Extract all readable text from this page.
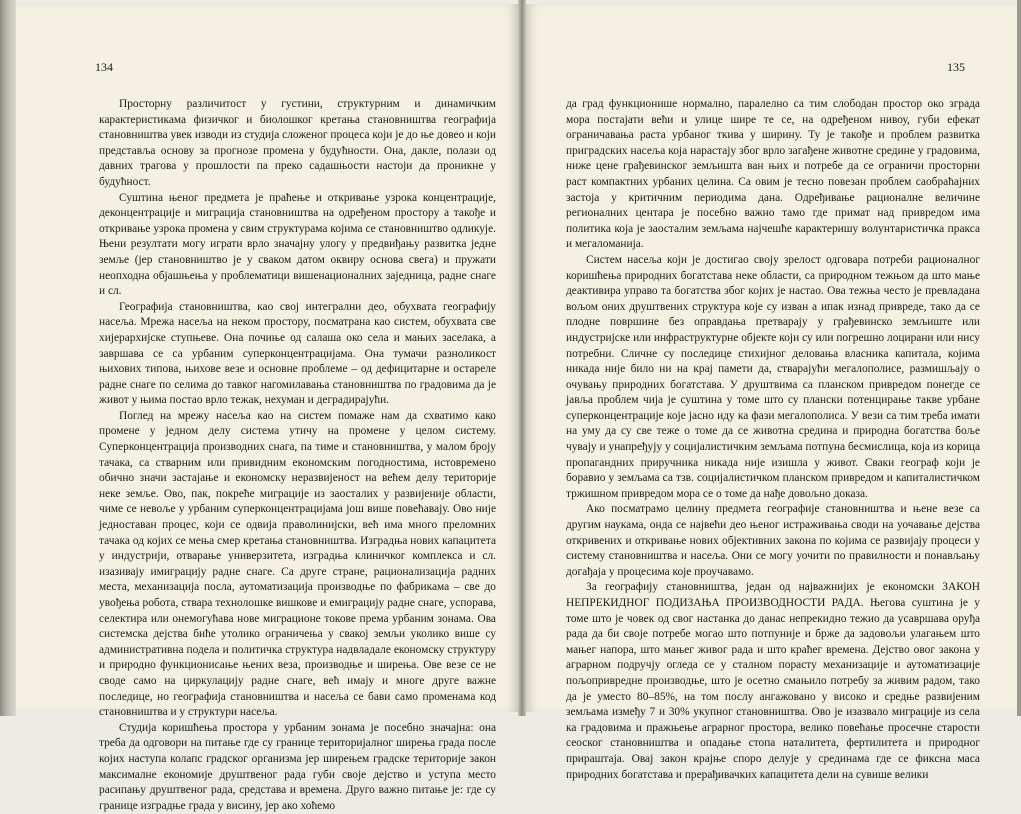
134

Просторну различитост у густини, структурним и динамичким карактеристикама физичког и биолошког кретања становништва географија становништва увек изводи из студија сложеног процеса који је до ње довео и који представља основу за прогнозе промена у будућности. Она, дакле, полази од давних трагова у прошлости па преко садашњости настоји да проникне у будућност.

Суштина њеног предмета је праћење и откривање узрока концентрације, деконцентрације и миграција становништва на одређеном простору а такође и откривање узрока промена у свим структурама којима се становништво одликује. Њени резултати могу играти врло значајну улогу у предвиђању развитка једне земље (јер становништво је у сваком датом оквиру основа свега) и пружати неопходна објашњења у проблематици вишенационалних заједница, радне снаге и сл.

Географија становништва, као свој интегрални део, обухвата географију насеља. Мрежа насеља на неком простору, посматрана као систем, обухвата све хијерархијске ступњеве. Она почиње од салаша око села и мањих заселака, а завршава се са урбаним суперконцентрацијама. Она тумачи разноликост њихових типова, њихове везе и основне проблеме – од дефицитарне и остареле радне снаге по селима до тавког нагомилавања становништва по градовима да је живот у њима постао врло тежак, нехуман и деградирајући.

Поглед на мрежу насеља као на систем помаже нам да схватимо како промене у једном делу система утичу на промене у целом систему. Суперконцентрација производних снага, па тиме и становништва, у малом броју тачака, са стварним или привидним економским погодностима, истовремено обично значи застајање и економску неразвијеност на већем делу територије неке земље. Ово, пак, покреће миграције из заосталих у развијеније области, чиме се невоље у урбаним суперконцентрацијама још више повећавају. Ово није једноставан процес, који се одвија праволинијски, већ има много преломних тачака од којих се мења смер кретања становништва. Изградња нових капацитета у индустрији, отварање универзитета, изградња клиничког комплекса и сл. изазивају имиграцију радне снаге. Са друге стране, рационализација радних места, механизација посла, аутоматизација производње по фабрикама – све до увођења робота, ствара технолошке вишкове и емиграцију радне снаге, успорава, селектира или онемогућава нове миграционе токове према урбаним зонама. Ова системска дејства биће утолико ограничења у свакој земљи уколико више су административна подела и политичка структура надвладале економску структуру и природно функционисање њених веза, производње и ширења. Ове везе се не своде само на циркулацију радне снаге, већ имају и многе друге важне последице, но географија становништва и насеља се бави само променама код становништва и у структури насеља.

Студија коришћења простора у урбаним зонама је посебно значајна: она треба да одговори на питање где су границе територијалног ширења града после којих наступа колапс градског организма јер ширењем градске територије закон максималне економије друштвеног рада губи своје дејство и уступа место расипању друштвеног рада, средстава и времена. Друго важно питање је: где су границе изградње града у висину, јер ако хоћемо

135

да град функционише нормално, паралелно са тим слободан простор око зграда мора постајати већи и улице шире те се, на одређеном нивоу, губи ефекат ограничавања раста урбаног ткива у ширину. Ту је такође и проблем развитка приградских насеља која нарастају због врло загађене животне средине у градовима, ниже цене грађевинског земљишта ван њих и потребе да се ограничи просторни раст компактних урбаних целина. Са овим је тесно повезан проблем саобраћајних застоја у критичним периодима дана. Одређивање рационалне величине регионалних центара је посебно важно тамо где примат над привредом има политика која је заосталим земљама најчешће карактеришу волунтаристичка пракса и мегаломанија.

Систем насеља који је достигао своју зрелост одговара потреби рационалног коришћења природних богатстава неке области, са природном тежњом да што мање деактивира управо та богатства због којих је настао. Ова тежња често је превладана вољом оних друштвених структура које су изван а ипак изнад привреде, тако да се плодне површине без оправдања претварају у грађевинско земљиште или индустријске или инфраструктурне објекте који су или погрешно лоцирани или нису потребни. Сличне су последице стихијног деловања власника капитала, којима никада није било ни на крај памети да, стварајући мегалополисе, размишљају о очувању природних богатстава. У друштвима са планском привредом понегде се јавља проблем чија је суштина у томе што су плански потенцирање такве урбане суперконцентрације које јасно иду ка фази мегалополиса. У вези са тим треба имати на уму да су све теже о томе да се животна средина и природна богатства боље чувају и унапређују у социјалистичким земљама потпуна бесмислица, која из корица пропагандних приручника никада није изишла у живот. Сваки географ који је боравио у земљама са тзв. социјалистичком планском привредом и капиталистичком тржишном привредом мора се о томе да нађе довољно доказа.

Ако посматрамо целину предмета географије становништва и њене везе са другим наукама, онда се највећи део њеног истраживања своди на уочавање дејства откривених и откривање нових објективних закона по којима се развијају процеси у систему становништва и насеља. Они се могу уочити по правилности и понављању догађаја у процесима које проучавамо.

За географију становништва, један од најважнијих је економски ЗАКОН НЕПРЕКИДНОГ ПОДИЗАЊА ПРОИЗВОДНОСТИ РАДА. Његова суштина је у томе што је човек од свог настанка до данас непрекидно тежио да усавршава оруђа рада да би своје потребе могао што потпуније и брже да задовољи улагањем што мањег напора, што мањег живог рада и што краћег времена. Дејство овог закона у аграрном подручју огледа се у сталном порасту механизације и аутоматизације пољопривредне производње, што је осетно смањило потребу за живим радом, тако да је уместо 80–85%, на том послу ангажовано у високо и средње развијеним земљама између 7 и 30% укупног становништва. Ово је изазвало миграције из села ка градовима и пражњење аграрног простора, велико повећање просечне старости сеоског становништва и опадање стопа наталитета, фертилитета и природног прираштаја. Овај закон крајње споро делује у срединама где се фикcна маса природних богатстава и прерађивачких капацитета дели на сувише велики
